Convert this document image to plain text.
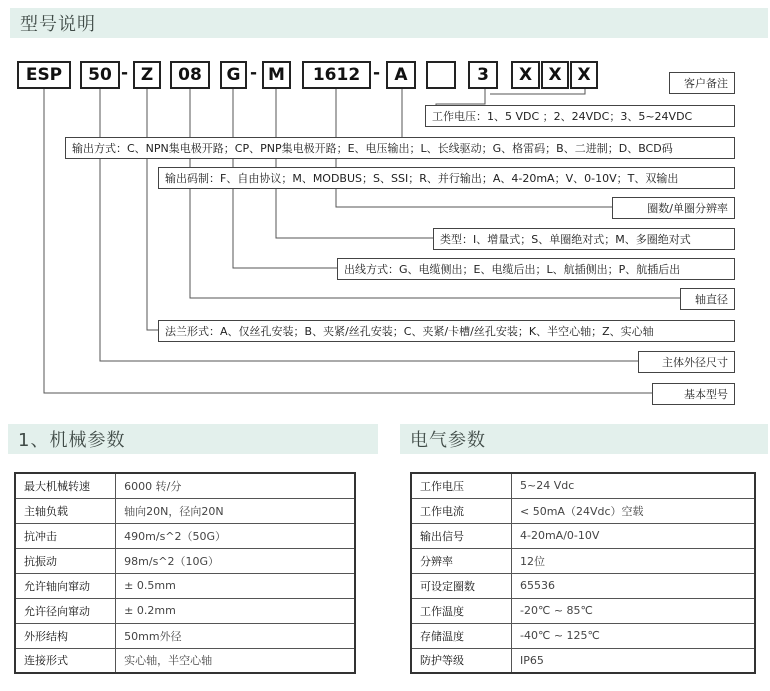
型号说明
1、机械参数	电气参数
ESP 50 - Z 08 G - M 1612 - A	3 X X X	客户备注
工作电压：1、5 VDC ；2、24VDC；3、5~24VDC
输出方式：C、NPN集电极开路；CP、PNP集电极开路；E、电压输出；L、长线驱动；G、格雷码；B、二进制；D、BCD码
输出码制：F、自由协议；M、MODBUS；S、SSI；R、并行输出；A、4-20mA；V、0-10V；T、双输出
圈数/单圈分辨率
类型：I、增量式；S、单圈绝对式；M、多圈绝对式
出线方式：G、电缆侧出；E、电缆后出；L、航插侧出；P、航插后出
轴直径
法兰形式：A、仅丝孔安装；B、夹紧/丝孔安装；C、夹紧/卡槽/丝孔安装；K、半空心轴；Z、实心轴
主体外径尺寸
基本型号
最大机械转速	6000 转/分
主轴负载	轴向20N，径向20N
抗冲击	490m/s^2（50G）
抗振动	98m/s^2（10G）
允许轴向窜动	± 0.5mm
允许径向窜动	± 0.2mm
外形结构	50mm外径
连接形式	实心轴，半空心轴
工作电压	5~24 Vdc
工作电流	< 50mA（24Vdc）空载
输出信号	4-20mA/0-10V
分辨率	12位
可设定圈数	65536
工作温度	-20℃ ~ 85℃
存储温度	-40℃ ~ 125℃
防护等级	IP65
